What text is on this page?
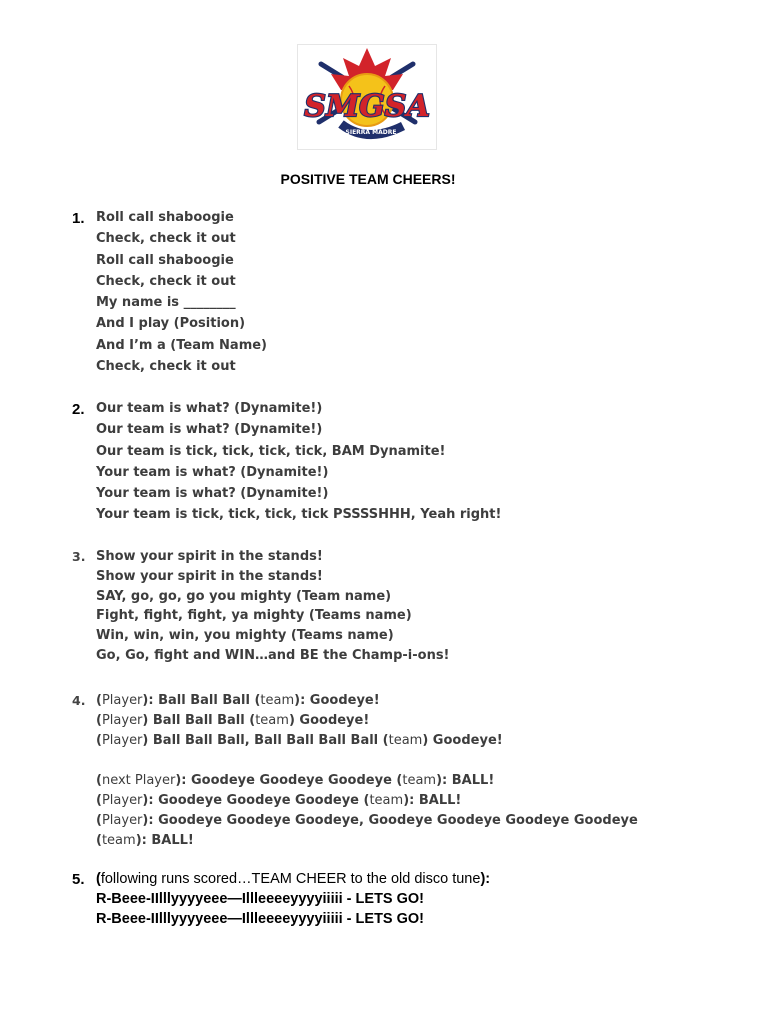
SMGSA
SIERRA MADRE
POSITIVE TEAM CHEERS!
1. Roll call shaboogie
Check, check it out
Roll call shaboogie
Check, check it out
My name is ________
And I play (Position)
And I’m a (Team Name)
Check, check it out
2. Our team is what? (Dynamite!)
Our team is what? (Dynamite!)
Our team is tick, tick, tick, tick, BAM Dynamite!
Your team is what? (Dynamite!)
Your team is what? (Dynamite!)
Your team is tick, tick, tick, tick PSSSSHHH, Yeah right!
3. Show your spirit in the stands!
Show your spirit in the stands!
SAY, go, go, go you mighty (Team name)
Fight, fight, fight, ya mighty (Teams name)
Win, win, win, you mighty (Teams name)
Go, Go, fight and WIN…and BE the Champ-i-ons!
4. (Player): Ball Ball Ball (team): Goodeye!
(Player) Ball Ball Ball (team) Goodeye!
(Player) Ball Ball Ball, Ball Ball Ball Ball (team) Goodeye!
(next Player): Goodeye Goodeye Goodeye (team): BALL!
(Player): Goodeye Goodeye Goodeye (team): BALL!
(Player): Goodeye Goodeye Goodeye, Goodeye Goodeye Goodeye Goodeye
(team): BALL!
5. (following runs scored…TEAM CHEER to the old disco tune):
R-Beee-IIlllyyyyeee—Illleeeeyyyyiiiii - LETS GO!
R-Beee-IIlllyyyyeee—Illleeeeyyyyiiiii - LETS GO!
